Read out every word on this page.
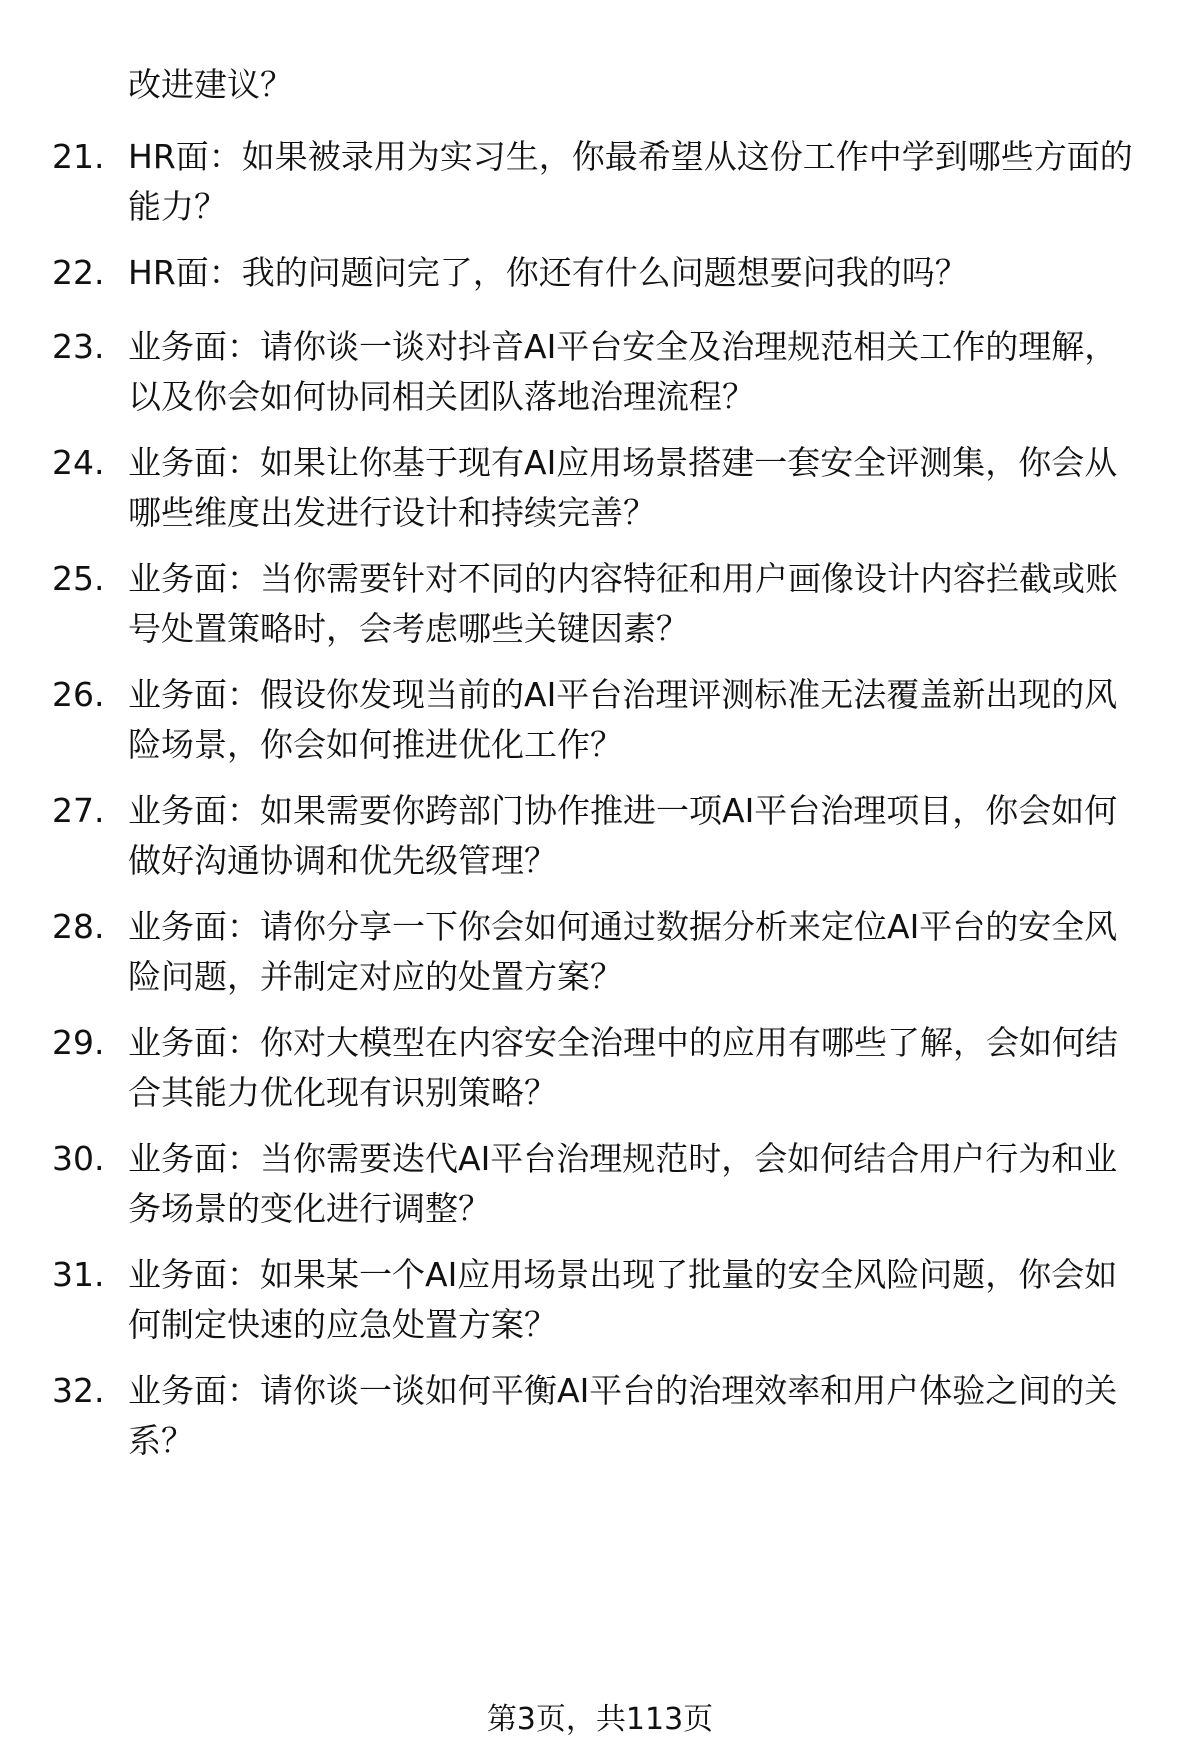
改进建议？
21. HR面：如果被录用为实习生，你最希望从这份工作中学到哪些方面的能力？
22. HR面：我的问题问完了，你还有什么问题想要问我的吗？
23. 业务面：请你谈一谈对抖音AI平台安全及治理规范相关工作的理解，以及你会如何协同相关团队落地治理流程？
24. 业务面：如果让你基于现有AI应用场景搭建一套安全评测集，你会从哪些维度出发进行设计和持续完善？
25. 业务面：当你需要针对不同的内容特征和用户画像设计内容拦截或账号处置策略时，会考虑哪些关键因素？
26. 业务面：假设你发现当前的AI平台治理评测标准无法覆盖新出现的风险场景，你会如何推进优化工作？
27. 业务面：如果需要你跨部门协作推进一项AI平台治理项目，你会如何做好沟通协调和优先级管理？
28. 业务面：请你分享一下你会如何通过数据分析来定位AI平台的安全风险问题，并制定对应的处置方案？
29. 业务面：你对大模型在内容安全治理中的应用有哪些了解，会如何结合其能力优化现有识别策略？
30. 业务面：当你需要迭代AI平台治理规范时，会如何结合用户行为和业务场景的变化进行调整？
31. 业务面：如果某一个AI应用场景出现了批量的安全风险问题，你会如何制定快速的应急处置方案？
32. 业务面：请你谈一谈如何平衡AI平台的治理效率和用户体验之间的关系？
第3页，共113页
